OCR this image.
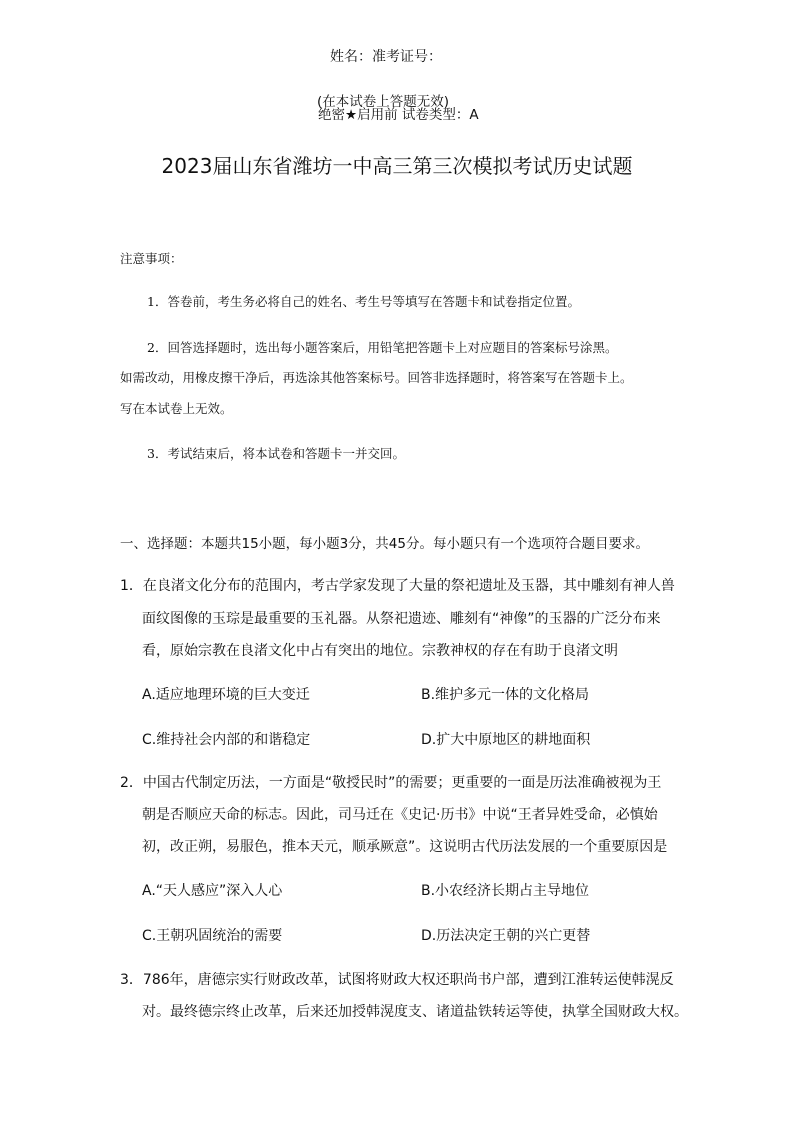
姓名：准考证号：
(在本试卷上答题无效)
绝密★启用前 试卷类型：A
2023届山东省潍坊一中高三第三次模拟考试历史试题
注意事项：
1．答卷前，考生务必将自己的姓名、考生号等填写在答题卡和试卷指定位置。
2．回答选择题时，选出每小题答案后，用铅笔把答题卡上对应题目的答案标号涂黑。
如需改动，用橡皮擦干净后，再选涂其他答案标号。回答非选择题时，将答案写在答题卡上。
写在本试卷上无效。
3．考试结束后，将本试卷和答题卡一并交回。
一、选择题：本题共15小题，每小题3分，共45分。每小题只有一个选项符合题目要求。
1．在良渚文化分布的范围内，考古学家发现了大量的祭祀遗址及玉器，其中雕刻有神人兽
面纹图像的玉琮是最重要的玉礼器。从祭祀遗迹、雕刻有“神像”的玉器的广泛分布来
看，原始宗教在良渚文化中占有突出的地位。宗教神权的存在有助于良渚文明
A.适应地理环境的巨大变迁	B.维护多元一体的文化格局
C.维持社会内部的和谐稳定	D.扩大中原地区的耕地面积
2．中国古代制定历法，一方面是“敬授民时”的需要；更重要的一面是历法准确被视为王
朝是否顺应天命的标志。因此，司马迁在《史记·历书》中说“王者异姓受命，必慎始
初，改正朔，易服色，推本天元，顺承厥意”。这说明古代历法发展的一个重要原因是
A.“天人感应”深入人心	B.小农经济长期占主导地位
C.王朝巩固统治的需要	D.历法决定王朝的兴亡更替
3．786年，唐德宗实行财政改革，试图将财政大权还职尚书户部，遭到江淮转运使韩滉反
对。最终德宗终止改革，后来还加授韩滉度支、诸道盐铁转运等使，执掌全国财政大权。
